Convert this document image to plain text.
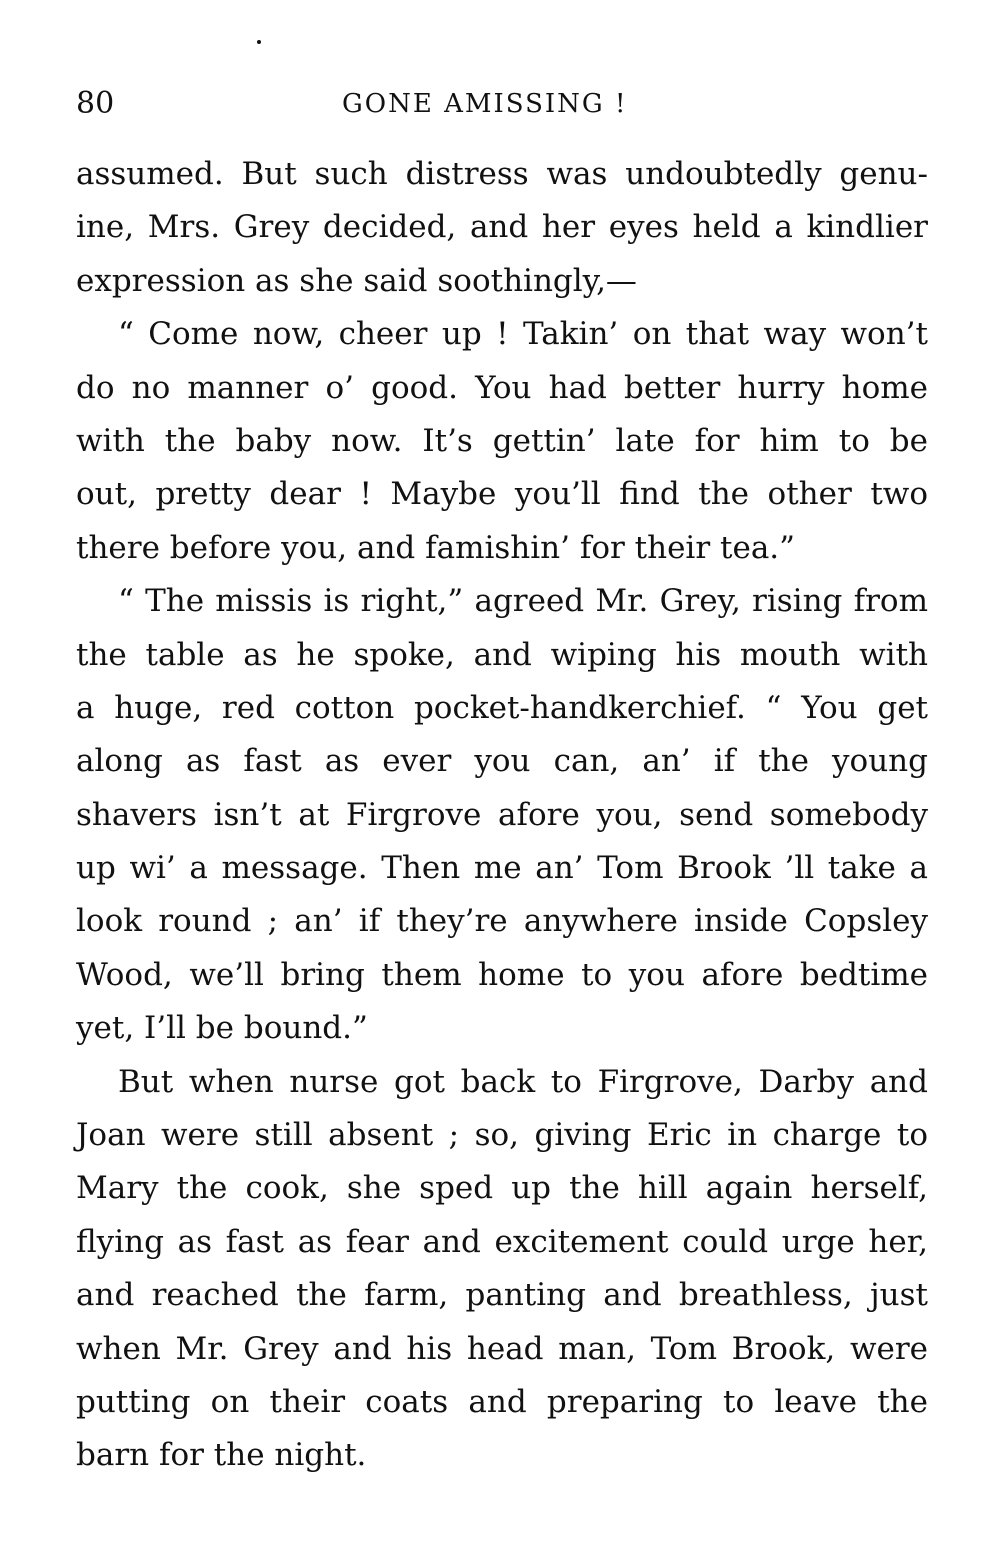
80	GONE AMISSING !
assumed. But such distress was undoubtedly genu-
ine, Mrs. Grey decided, and her eyes held a kindlier
expression as she said soothingly,—
“ Come now, cheer up ! Takin’ on that way won’t
do no manner o’ good. You had better hurry home
with the baby now. It’s gettin’ late for him to be
out, pretty dear ! Maybe you’ll find the other two
there before you, and famishin’ for their tea.”
“ The missis is right,” agreed Mr. Grey, rising from
the table as he spoke, and wiping his mouth with
a huge, red cotton pocket-handkerchief. “ You get
along as fast as ever you can, an’ if the young
shavers isn’t at Firgrove afore you, send somebody
up wi’ a message. Then me an’ Tom Brook ’ll take a
look round ; an’ if they’re anywhere inside Copsley
Wood, we’ll bring them home to you afore bedtime
yet, I’ll be bound.”
But when nurse got back to Firgrove, Darby and
Joan were still absent ; so, giving Eric in charge to
Mary the cook, she sped up the hill again herself,
flying as fast as fear and excitement could urge her,
and reached the farm, panting and breathless, just
when Mr. Grey and his head man, Tom Brook, were
putting on their coats and preparing to leave the
barn for the night.
